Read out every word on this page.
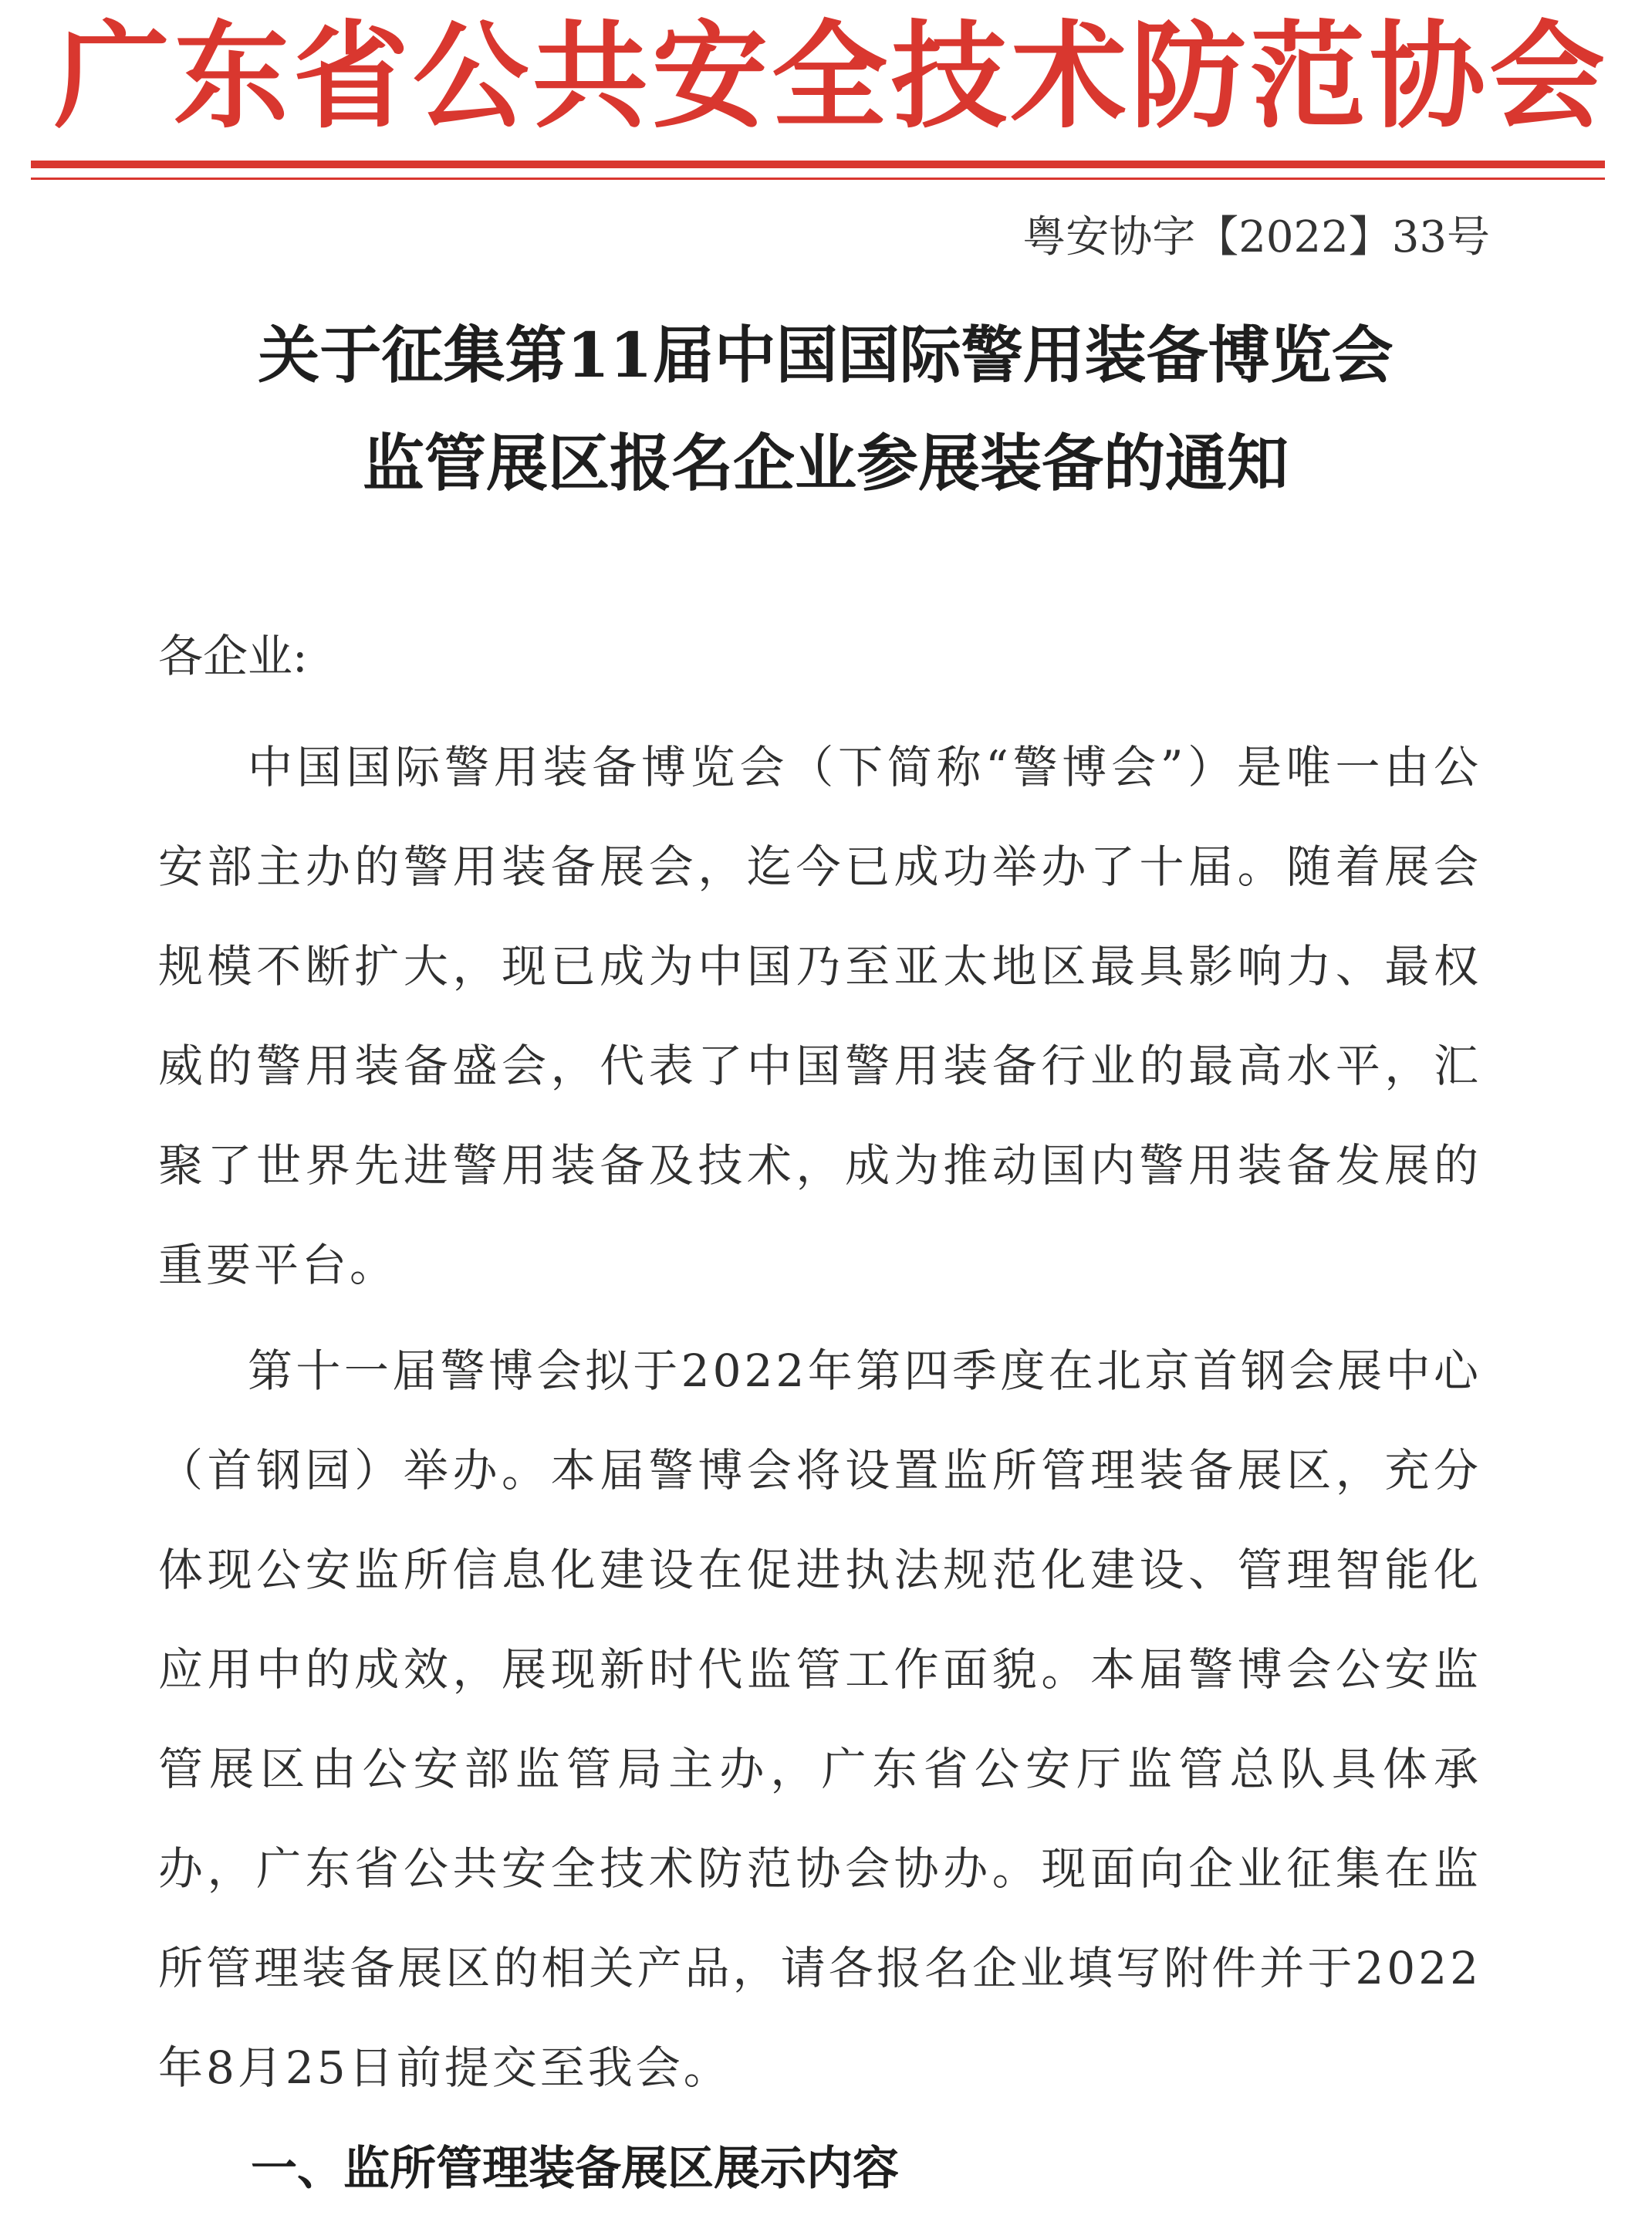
广东省公共安全技术防范协会
粤安协字【2022】33号
关于征集第11届中国国际警用装备博览会
监管展区报名企业参展装备的通知
各企业:

中国国际警用装备博览会（下简称“警博会”）是唯一由公安部主办的警用装备展会，迄今已成功举办了十届。随着展会规模不断扩大，现已成为中国乃至亚太地区最具影响力、最权威的警用装备盛会，代表了中国警用装备行业的最高水平，汇聚了世界先进警用装备及技术，成为推动国内警用装备发展的重要平台。

第十一届警博会拟于2022年第四季度在北京首钢会展中心（首钢园）举办。本届警博会将设置监所管理装备展区，充分体现公安监所信息化建设在促进执法规范化建设、管理智能化应用中的成效，展现新时代监管工作面貌。本届警博会公安监管展区由公安部监管局主办，广东省公安厅监管总队具体承办，广东省公共安全技术防范协会协办。现面向企业征集在监所管理装备展区的相关产品，请各报名企业填写附件并于2022年8月25日前提交至我会。

一、监所管理装备展区展示内容
